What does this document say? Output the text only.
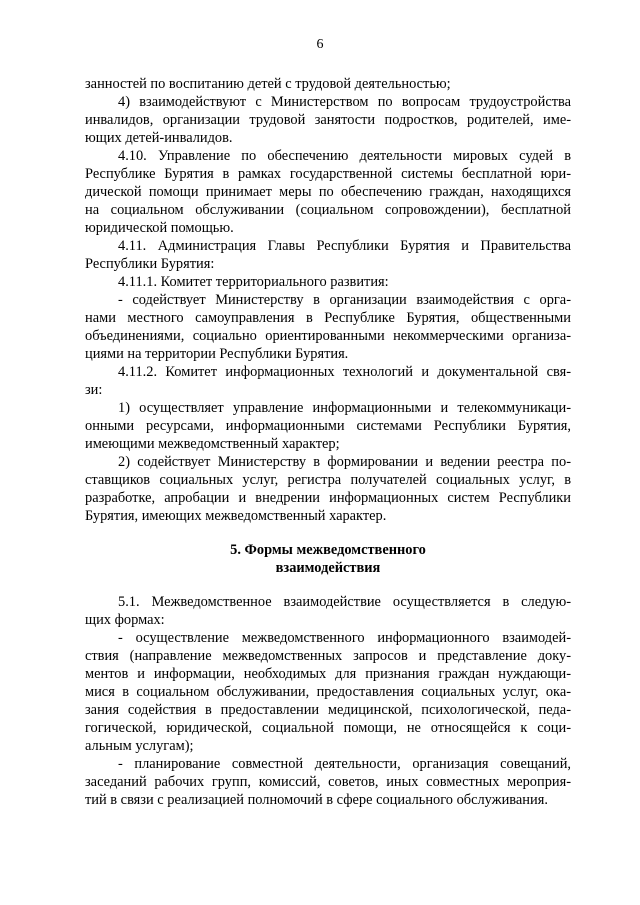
6
занностей по воспитанию детей с трудовой деятельностью;
4) взаимодействуют с Министерством по вопросам трудоустройства
инвалидов, организации трудовой занятости подростков, родителей, име-
ющих детей-инвалидов.
4.10. Управление по обеспечению деятельности мировых судей в
Республике Бурятия в рамках государственной системы бесплатной юри-
дической помощи принимает меры по обеспечению граждан, находящихся
на социальном обслуживании (социальном сопровождении), бесплатной
юридической помощью.
4.11. Администрация Главы Республики Бурятия и Правительства
Республики Бурятия:
4.11.1. Комитет территориального развития:
- содействует Министерству в организации взаимодействия с орга-
нами местного самоуправления в Республике Бурятия, общественными
объединениями, социально ориентированными некоммерческими организа-
циями на территории Республики Бурятия.
4.11.2. Комитет информационных технологий и документальной свя-
зи:
1) осуществляет управление информационными и телекоммуникаци-
онными ресурсами, информационными системами Республики Бурятия,
имеющими межведомственный характер;
2) содействует Министерству в формировании и ведении реестра по-
ставщиков социальных услуг, регистра получателей социальных услуг, в
разработке, апробации и внедрении информационных систем Республики
Бурятия, имеющих межведомственный характер.
5. Формы межведомственного
взаимодействия
5.1. Межведомственное взаимодействие осуществляется в следую-
щих формах:
- осуществление межведомственного информационного взаимодей-
ствия (направление межведомственных запросов и представление доку-
ментов и информации, необходимых для признания граждан нуждающи-
мися в социальном обслуживании, предоставления социальных услуг, ока-
зания содействия в предоставлении медицинской, психологической, педа-
гогической, юридической, социальной помощи, не относящейся к соци-
альным услугам);
- планирование совместной деятельности, организация совещаний,
заседаний рабочих групп, комиссий, советов, иных совместных мероприя-
тий в связи с реализацией полномочий в сфере социального обслуживания.
